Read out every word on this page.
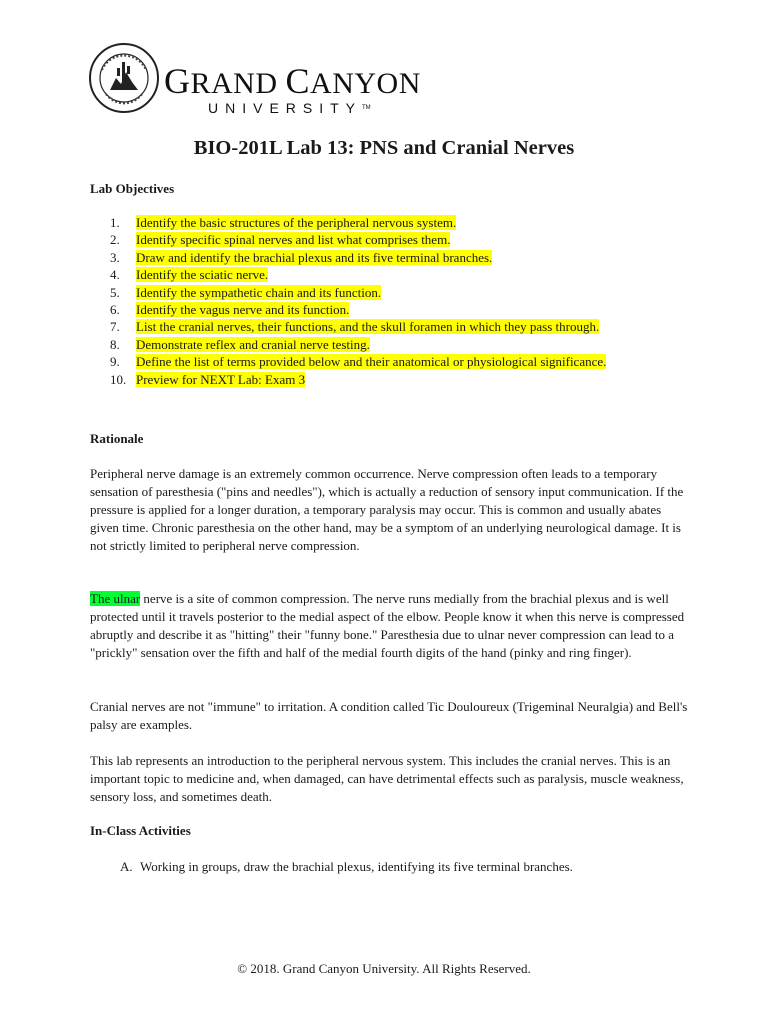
GRAND CANYON
UNIVERSITY™
BIO-201L Lab 13: PNS and Cranial Nerves

Lab Objectives

1.	Identify the basic structures of the peripheral nervous system.
2.	Identify specific spinal nerves and list what comprises them.
3.	Draw and identify the brachial plexus and its five terminal branches.
4.	Identify the sciatic nerve.
5.	Identify the sympathetic chain and its function.
6.	Identify the vagus nerve and its function.
7.	List the cranial nerves, their functions, and the skull foramen in which they pass through.
8.	Demonstrate reflex and cranial nerve testing.
9.	Define the list of terms provided below and their anatomical or physiological significance.
10. Preview for NEXT Lab: Exam 3

Rationale

Peripheral nerve damage is an extremely common occurrence. Nerve compression often leads to a temporary sensation of paresthesia ("pins and needles"), which is actually a reduction of sensory input communication. If the pressure is applied for a longer duration, a temporary paralysis may occur. This is common and usually abates given time. Chronic paresthesia on the other hand, may be a symptom of an underlying neurological damage. It is not strictly limited to peripheral nerve compression.

The ulnar nerve is a site of common compression. The nerve runs medially from the brachial plexus and is well protected until it travels posterior to the medial aspect of the elbow. People know it when this nerve is compressed abruptly and describe it as "hitting" their "funny bone." Paresthesia due to ulnar never compression can lead to a "prickly" sensation over the fifth and half of the medial fourth digits of the hand (pinky and ring finger).

Cranial nerves are not "immune" to irritation. A condition called Tic Douloureux (Trigeminal Neuralgia) and Bell's palsy are examples.

This lab represents an introduction to the peripheral nervous system. This includes the cranial nerves. This is an important topic to medicine and, when damaged, can have detrimental effects such as paralysis, muscle weakness, sensory loss, and sometimes death.

In-Class Activities

A. Working in groups, draw the brachial plexus, identifying its five terminal branches.
© 2018. Grand Canyon University. All Rights Reserved.
